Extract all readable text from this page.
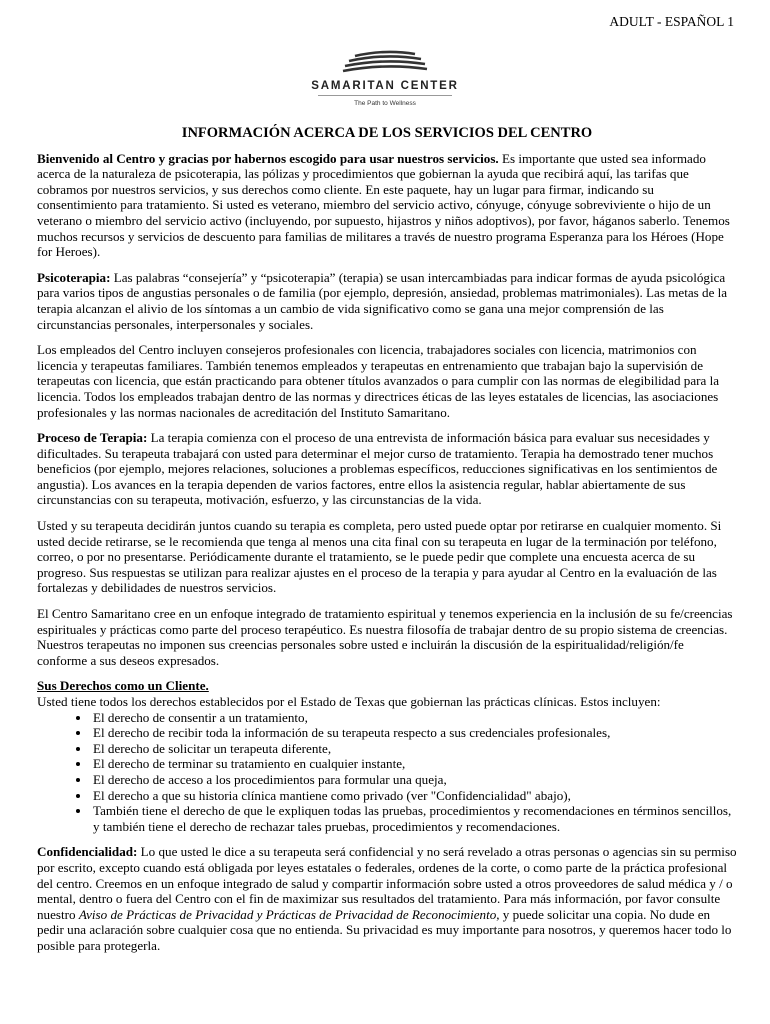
ADULT - ESPAÑOL 1
SAMARITAN CENTER
The Path to Wellness
INFORMACIÓN ACERCA DE LOS SERVICIOS DEL CENTRO

Bienvenido al Centro y gracias por habernos escogido para usar nuestros servicios. Es importante que usted sea informado acerca de la naturaleza de psicoterapia, las pólizas y procedimientos que gobiernan la ayuda que recibirá aquí, las tarifas que cobramos por nuestros servicios, y sus derechos como cliente. En este paquete, hay un lugar para firmar, indicando su consentimiento para tratamiento. Si usted es veterano, miembro del servicio activo, cónyuge, cónyuge sobreviviente o hijo de un veterano o miembro del servicio activo (incluyendo, por supuesto, hijastros y niños adoptivos), por favor, háganos saberlo. Tenemos muchos recursos y servicios de descuento para familias de militares a través de nuestro programa Esperanza para los Héroes (Hope for Heroes).

Psicoterapia: Las palabras “consejería” y “psicoterapia” (terapia) se usan intercambiadas para indicar formas de ayuda psicológica para varios tipos de angustias personales o de familia (por ejemplo, depresión, ansiedad, problemas matrimoniales). Las metas de la terapia alcanzan el alivio de los síntomas a un cambio de vida significativo como se gana una mejor comprensión de las circunstancias personales, interpersonales y sociales.

Los empleados del Centro incluyen consejeros profesionales con licencia, trabajadores sociales con licencia, matrimonios con licencia y terapeutas familiares. También tenemos empleados y terapeutas en entrenamiento que trabajan bajo la supervisión de terapeutas con licencia, que están practicando para obtener títulos avanzados o para cumplir con las normas de elegibilidad para la licencia. Todos los empleados trabajan dentro de las normas y directrices éticas de las leyes estatales de licencias, las asociaciones profesionales y las normas nacionales de acreditación del Instituto Samaritano.

Proceso de Terapia: La terapia comienza con el proceso de una entrevista de información básica para evaluar sus necesidades y dificultades. Su terapeuta trabajará con usted para determinar el mejor curso de tratamiento. Terapia ha demostrado tener muchos beneficios (por ejemplo, mejores relaciones, soluciones a problemas específicos, reducciones significativas en los sentimientos de angustia). Los avances en la terapia dependen de varios factores, entre ellos la asistencia regular, hablar abiertamente de sus circunstancias con su terapeuta, motivación, esfuerzo, y las circunstancias de la vida.

Usted y su terapeuta decidirán juntos cuando su terapia es completa, pero usted puede optar por retirarse en cualquier momento. Si usted decide retirarse, se le recomienda que tenga al menos una cita final con su terapeuta en lugar de la terminación por teléfono, correo, o por no presentarse. Periódicamente durante el tratamiento, se le puede pedir que complete una encuesta acerca de su progreso. Sus respuestas se utilizan para realizar ajustes en el proceso de la terapia y para ayudar al Centro en la evaluación de las fortalezas y debilidades de nuestros servicios.

El Centro Samaritano cree en un enfoque integrado de tratamiento espiritual y tenemos experiencia en la inclusión de su fe/creencias espirituales y prácticas como parte del proceso terapéutico. Es nuestra filosofía de trabajar dentro de su propio sistema de creencias. Nuestros terapeutas no imponen sus creencias personales sobre usted e incluirán la discusión de la espiritualidad/religión/fe conforme a sus deseos expresados.

Sus Derechos como un Cliente.
Usted tiene todos los derechos establecidos por el Estado de Texas que gobiernan las prácticas clínicas. Estos incluyen:
• El derecho de consentir a un tratamiento,
• El derecho de recibir toda la información de su terapeuta respecto a sus credenciales profesionales,
• El derecho de solicitar un terapeuta diferente,
• El derecho de terminar su tratamiento en cualquier instante,
• El derecho de acceso a los procedimientos para formular una queja,
• El derecho a que su historia clínica mantiene como privado (ver "Confidencialidad" abajo),
• También tiene el derecho de que le expliquen todas las pruebas, procedimientos y recomendaciones en términos sencillos, y también tiene el derecho de rechazar tales pruebas, procedimientos y recomendaciones.

Confidencialidad: Lo que usted le dice a su terapeuta será confidencial y no será revelado a otras personas o agencias sin su permiso por escrito, excepto cuando está obligada por leyes estatales o federales, ordenes de la corte, o como parte de la práctica profesional del centro. Creemos en un enfoque integrado de salud y compartir información sobre usted a otros proveedores de salud médica y / o mental, dentro o fuera del Centro con el fin de maximizar sus resultados del tratamiento. Para más información, por favor consulte nuestro Aviso de Prácticas de Privacidad y Prácticas de Privacidad de Reconocimiento, y puede solicitar una copia. No dude en pedir una aclaración sobre cualquier cosa que no entienda. Su privacidad es muy importante para nosotros, y queremos hacer todo lo posible para protegerla.
